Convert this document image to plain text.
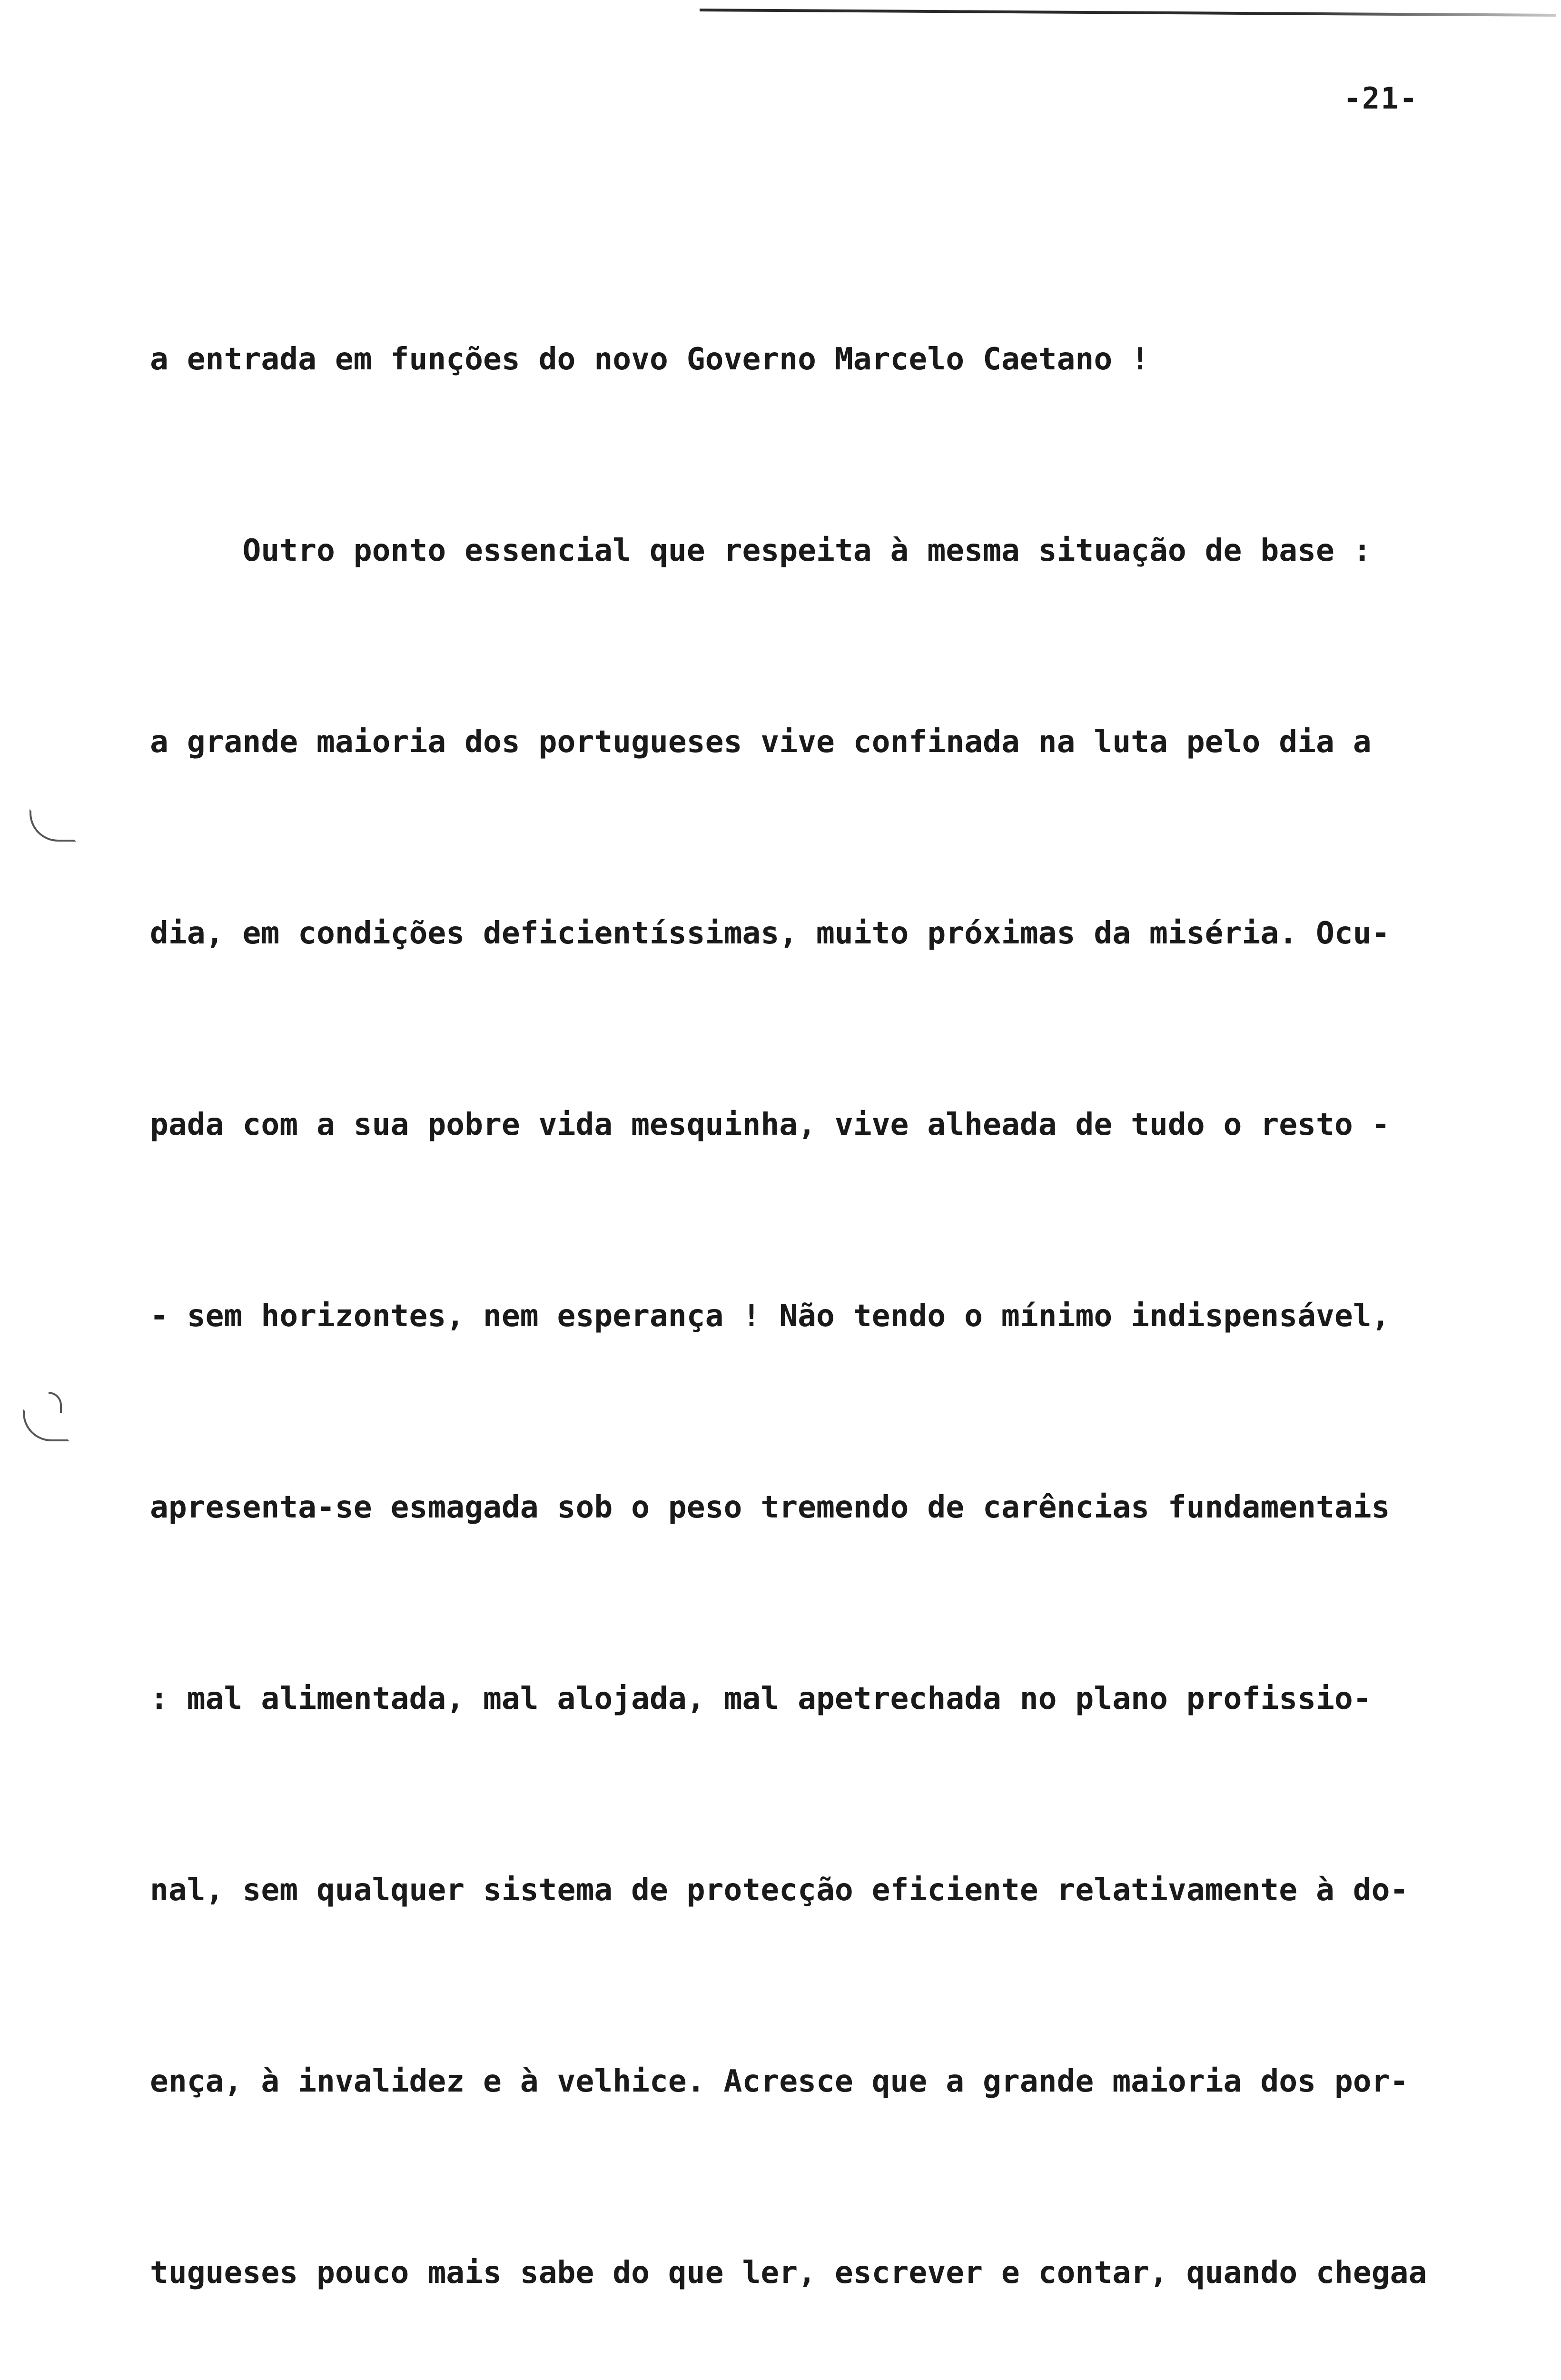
-21-

a entrada em funções do novo Governo Marcelo Caetano !

Outro ponto essencial que respeita à mesma situação de base :

a grande maioria dos portugueses vive confinada na luta pelo dia a

dia, em condições deficientíssimas, muito próximas da miséria. Ocu-

pada com a sua pobre vida mesquinha, vive alheada de tudo o resto -

- sem horizontes, nem esperança ! Não tendo o mínimo indispensável,

apresenta-se esmagada sob o peso tremendo de carências fundamentais

: mal alimentada, mal alojada, mal apetrechada no plano profissio-

nal, sem qualquer sistema de protecção eficiente relativamente à do-

ença, à invalidez e à velhice. Acresce que a grande maioria dos por-

tugueses pouco mais sabe do que ler, escrever e contar, quando chegaa
